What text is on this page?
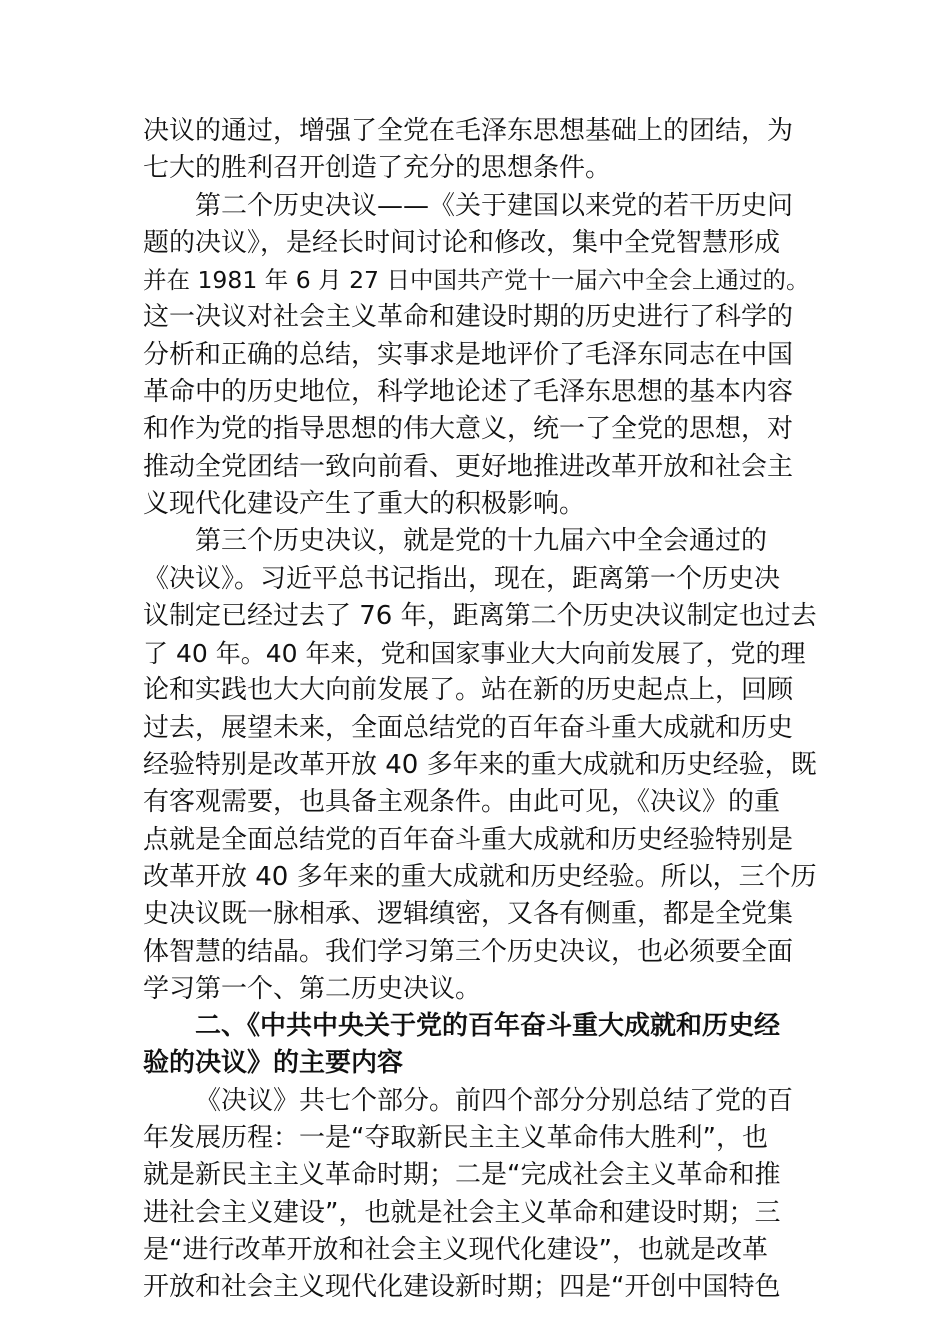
决议的通过，增强了全党在毛泽东思想基础上的团结，为
七大的胜利召开创造了充分的思想条件。
第二个历史决议——《关于建国以来党的若干历史问
题的决议》，是经长时间讨论和修改，集中全党智慧形成
并在 1981 年 6 月 27 日中国共产党十一届六中全会上通过的。
这一决议对社会主义革命和建设时期的历史进行了科学的
分析和正确的总结，实事求是地评价了毛泽东同志在中国
革命中的历史地位，科学地论述了毛泽东思想的基本内容
和作为党的指导思想的伟大意义，统一了全党的思想，对
推动全党团结一致向前看、更好地推进改革开放和社会主
义现代化建设产生了重大的积极影响。
第三个历史决议，就是党的十九届六中全会通过的
《决议》。习近平总书记指出，现在，距离第一个历史决
议制定已经过去了 76 年，距离第二个历史决议制定也过去
了 40 年。40 年来，党和国家事业大大向前发展了，党的理
论和实践也大大向前发展了。站在新的历史起点上，回顾
过去，展望未来，全面总结党的百年奋斗重大成就和历史
经验特别是改革开放 40 多年来的重大成就和历史经验，既
有客观需要，也具备主观条件。由此可见，《决议》的重
点就是全面总结党的百年奋斗重大成就和历史经验特别是
改革开放 40 多年来的重大成就和历史经验。所以，三个历
史决议既一脉相承、逻辑缜密，又各有侧重，都是全党集
体智慧的结晶。我们学习第三个历史决议，也必须要全面
学习第一个、第二历史决议。
二、《中共中央关于党的百年奋斗重大成就和历史经
验的决议》的主要内容
《决议》共七个部分。前四个部分分别总结了党的百
年发展历程：一是“夺取新民主主义革命伟大胜利”，也
就是新民主主义革命时期；二是“完成社会主义革命和推
进社会主义建设”，也就是社会主义革命和建设时期；三
是“进行改革开放和社会主义现代化建设”，也就是改革
开放和社会主义现代化建设新时期；四是“开创中国特色
